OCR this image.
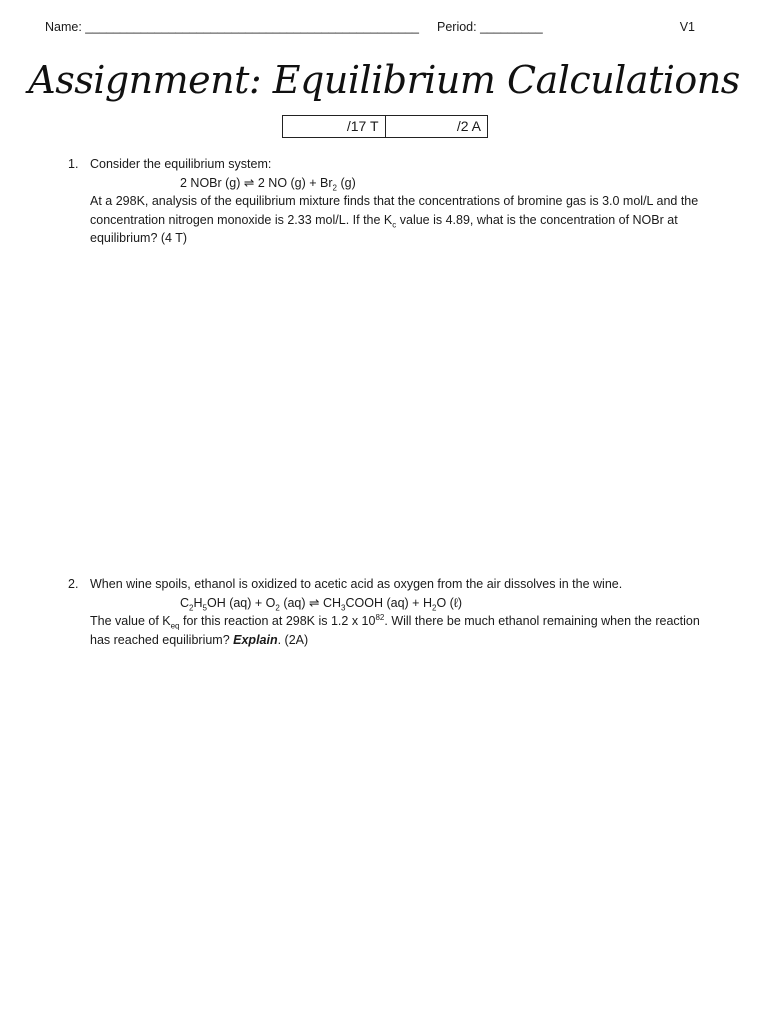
Name: ________________________________________________ Period: _________	V1
Assignment: Equilibrium Calculations
/17 T	/2 A
1. Consider the equilibrium system:
2 NOBr (g) ⇌ 2 NO $(g) + Br_2$ (g)
At a 298K, analysis of the equilibrium mixture finds that the concentrations of bromine gas is 3.0 mol/L and the concentration nitrogen monoxide is 2.33 mol/L. If the $K_c$ value is 4.89, what is the concentration of NOBr at equilibrium? (4 T)
2. When wine spoils, ethanol is oxidized to acetic acid as oxygen from the air dissolves in the wine.
$C_2H_5OH$ $(aq) + O_2$ (aq) ⇌ $CH_3COOH$ $(aq) + H_2O$ (ℓ)
The value of $K_{eq}$ for this reaction at 298K is 1.2 x $10^{82}$. Will there be much ethanol remaining when the reaction has reached equilibrium? Explain. (2A)
